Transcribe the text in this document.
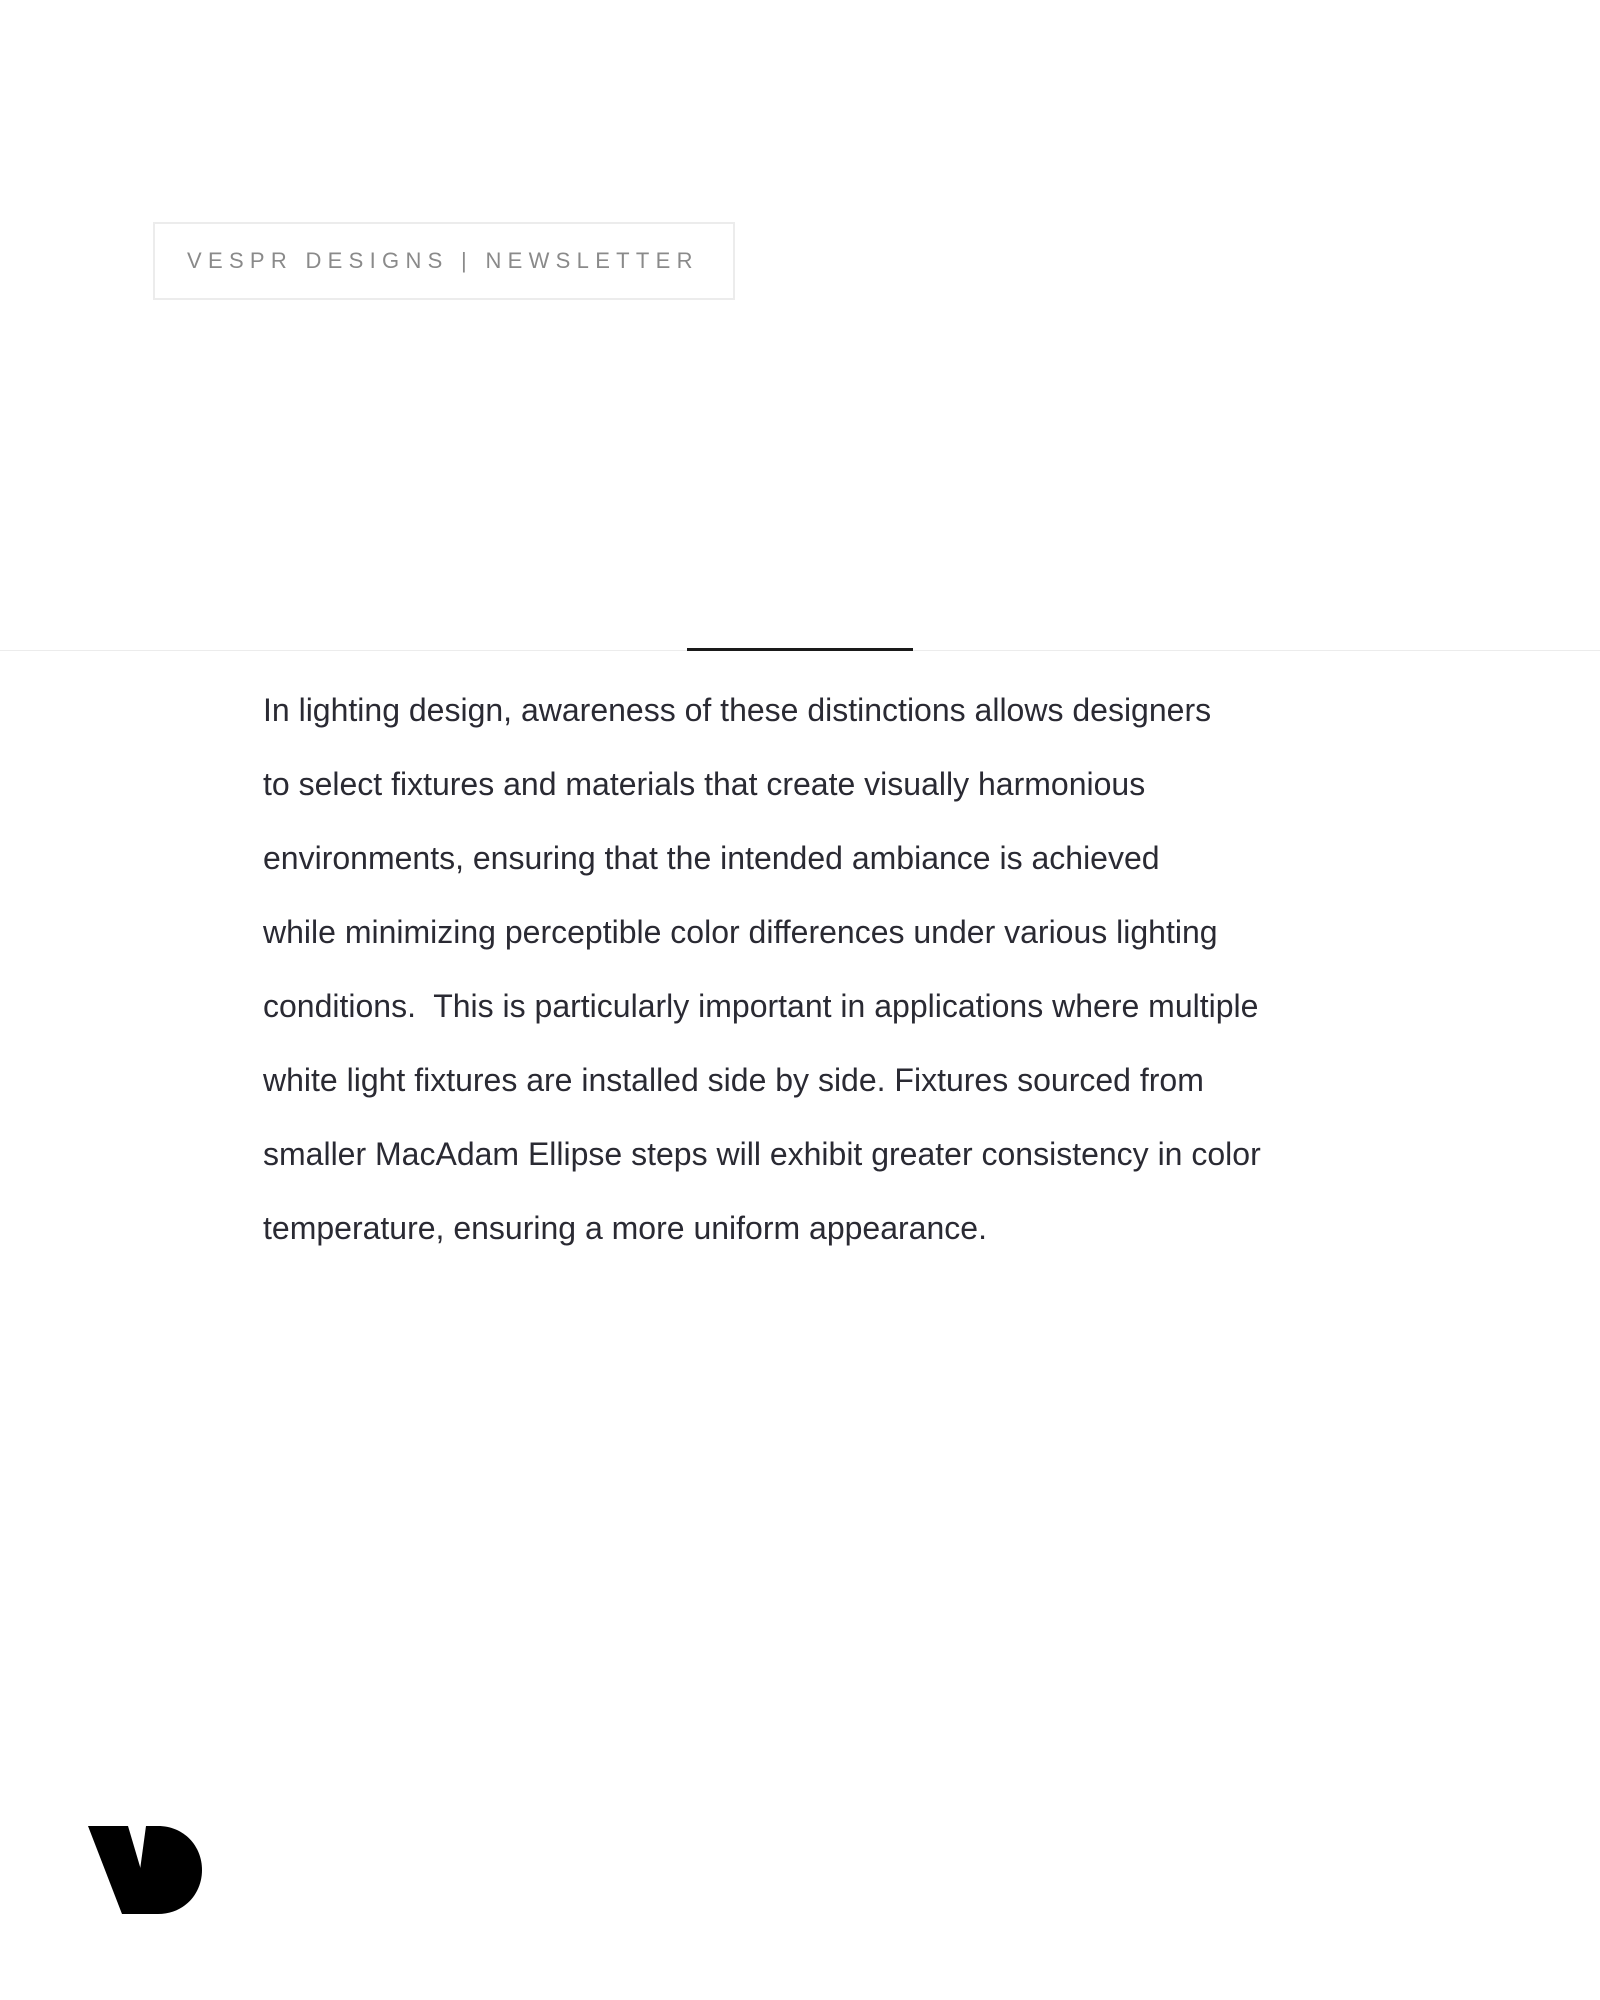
VESPR DESIGNS | NEWSLETTER
In lighting design, awareness of these distinctions allows designers
to select fixtures and materials that create visually harmonious
environments, ensuring that the intended ambiance is achieved
while minimizing perceptible color differences under various lighting
conditions.  This is particularly important in applications where multiple
white light fixtures are installed side by side. Fixtures sourced from
smaller MacAdam Ellipse steps will exhibit greater consistency in color
temperature, ensuring a more uniform appearance.
